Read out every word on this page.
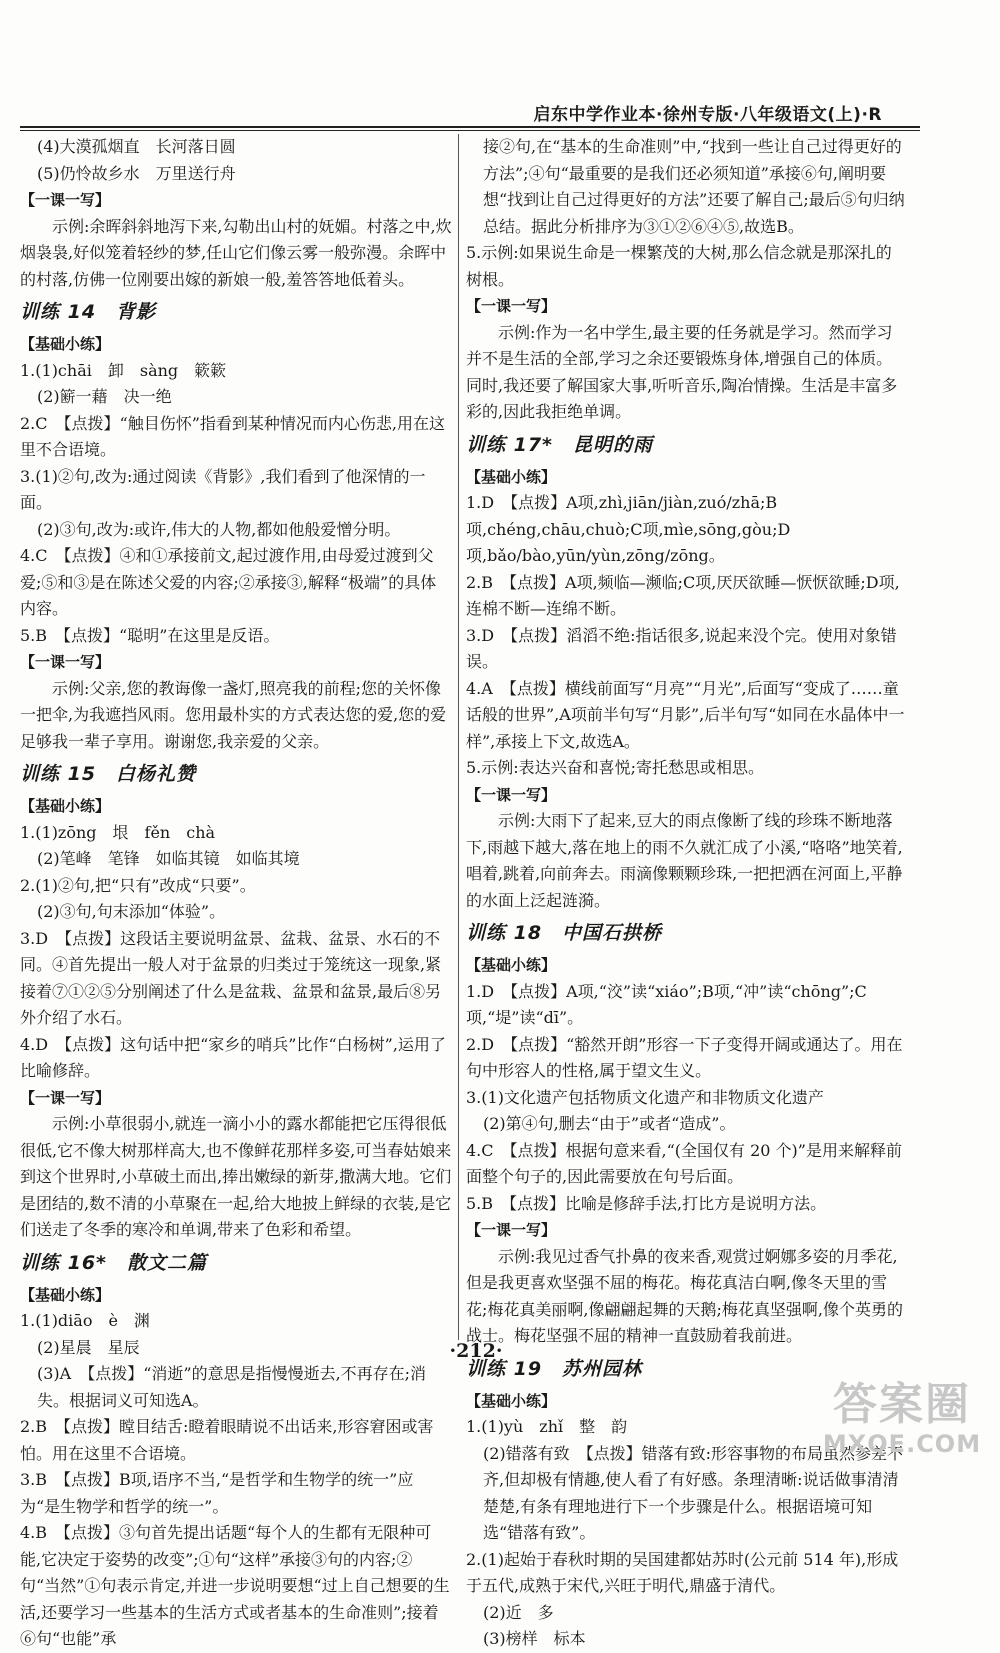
启东中学作业本·徐州专版·八年级语文(上)·R

(4)大漠孤烟直　长河落日圆

(5)仍怜故乡水　万里送行舟

【一课一写】

示例:余晖斜斜地泻下来,勾勒出山村的妩媚。村落之中,炊烟袅袅,好似笼着轻纱的梦,任山它们像云雾一般弥漫。余晖中的村落,仿佛一位刚要出嫁的新娘一般,羞答答地低着头。

训练 14　背影

【基础小练】

1.(1)chāi　卸　sàng　簌簌

(2)簖一藉　决一绝

2.C　【点拨】“触目伤怀”指看到某种情况而内心伤悲,用在这里不合语境。

3.(1)②句,改为:通过阅读《背影》,我们看到了他深情的一面。

(2)③句,改为:或许,伟大的人物,都如他般爱憎分明。

4.C　【点拨】④和①承接前文,起过渡作用,由母爱过渡到父爱;⑤和③是在陈述父爱的内容;②承接③,解释“极端”的具体内容。

5.B　【点拨】“聪明”在这里是反语。

【一课一写】

示例:父亲,您的教诲像一盏灯,照亮我的前程;您的关怀像一把伞,为我遮挡风雨。您用最朴实的方式表达您的爱,您的爱足够我一辈子享用。谢谢您,我亲爱的父亲。

训练 15　白杨礼赞

【基础小练】

1.(1)zōng　垠　fěn　chà

(2)笔峰　笔锋　如临其镜　如临其境

2.(1)②句,把“只有”改成“只要”。

(2)③句,句末添加“体验”。

3.D　【点拨】这段话主要说明盆景、盆栽、盆景、水石的不同。④首先提出一般人对于盆景的归类过于笼统这一现象,紧接着⑦①②⑤分别阐述了什么是盆栽、盆景和盆景,最后⑧另外介绍了水石。

4.D　【点拨】这句话中把“家乡的哨兵”比作“白杨树”,运用了比喻修辞。

【一课一写】

示例:小草很弱小,就连一滴小小的露水都能把它压得很低很低,它不像大树那样高大,也不像鲜花那样多姿,可当春姑娘来到这个世界时,小草破土而出,捧出嫩绿的新芽,撒满大地。它们是团结的,数不清的小草聚在一起,给大地披上鲜绿的衣装,是它们送走了冬季的寒冷和单调,带来了色彩和希望。

训练 16*　散文二篇

【基础小练】

1.(1)diāo　è　渊

(2)星晨　星辰

(3)A　【点拨】“消逝”的意思是指慢慢逝去,不再存在;消失。根据词义可知选A。

2.B　【点拨】瞠目结舌:瞪着眼睛说不出话来,形容窘困或害怕。用在这里不合语境。

3.B　【点拨】B项,语序不当,“是哲学和生物学的统一”应为“是生物学和哲学的统一”。

4.B　【点拨】③句首先提出话题“每个人的生都有无限种可能,它决定于姿势的改变”;①句“这样”承接③句的内容;②句“当然”①句表示肯定,并进一步说明要想“过上自己想要的生活,还要学习一些基本的生活方式或者基本的生命准则”;接着⑥句“也能”承

接②句,在“基本的生命准则”中,“找到一些让自己过得更好的方法”;④句“最重要的是我们还必须知道”承接⑥句,阐明要想“找到让自己过得更好的方法”还要了解自己;最后⑤句归纳总结。据此分析排序为③①②⑥④⑤,故选B。

5.示例:如果说生命是一棵繁茂的大树,那么信念就是那深扎的树根。

【一课一写】

示例:作为一名中学生,最主要的任务就是学习。然而学习并不是生活的全部,学习之余还要锻炼身体,增强自己的体质。同时,我还要了解国家大事,听听音乐,陶冶情操。生活是丰富多彩的,因此我拒绝单调。

训练 17*　昆明的雨

【基础小练】

1.D　【点拨】A项,zhì,jiān/jiàn,zuó/zhā;B项,chéng,chāu,chuò;C项,mìe,sōng,gòu;D项,bǎo/bào,yūn/yùn,zōng/zōng。

2.B　【点拨】A项,频临—濒临;C项,厌厌欲睡—恹恹欲睡;D项,连棉不断—连绵不断。

3.D　【点拨】滔滔不绝:指话很多,说起来没个完。使用对象错误。

4.A　【点拨】横线前面写“月亮”“月光”,后面写“变成了……童话般的世界”,A项前半句写“月影”,后半句写“如同在水晶体中一样”,承接上下文,故选A。

5.示例:表达兴奋和喜悦;寄托愁思或相思。

【一课一写】

示例:大雨下了起来,豆大的雨点像断了线的珍珠不断地落下,雨越下越大,落在地上的雨不久就汇成了小溪,“咯咯”地笑着,唱着,跳着,向前奔去。雨滴像颗颗珍珠,一把把洒在河面上,平静的水面上泛起涟漪。

训练 18　中国石拱桥

【基础小练】

1.D　【点拨】A项,“洨”读“xiáo”;B项,“冲”读“chōng”;C项,“堤”读“dī”。

2.D　【点拨】“豁然开朗”形容一下子变得开阔或通达了。用在句中形容人的性格,属于望文生义。

3.(1)文化遗产包括物质文化遗产和非物质文化遗产

(2)第④句,删去“由于”或者“造成”。

4.C　【点拨】根据句意来看,“(全国仅有 20 个)”是用来解释前面整个句子的,因此需要放在句号后面。

5.B　【点拨】比喻是修辞手法,打比方是说明方法。

【一课一写】

示例:我见过香气扑鼻的夜来香,观赏过婀娜多姿的月季花,但是我更喜欢坚强不屈的梅花。梅花真洁白啊,像冬天里的雪花;梅花真美丽啊,像翩翩起舞的天鹅;梅花真坚强啊,像个英勇的战士。梅花坚强不屈的精神一直鼓励着我前进。

训练 19　苏州园林

【基础小练】

1.(1)yù　zhǐ　整　韵

(2)错落有致　【点拨】错落有致:形容事物的布局虽然参差不齐,但却极有情趣,使人看了有好感。条理清晰:说话做事清清楚楚,有条有理地进行下一个步骤是什么。根据语境可知选“错落有致”。

2.(1)起始于春秋时期的吴国建都姑苏时(公元前 514 年),形成于五代,成熟于宋代,兴旺于明代,鼎盛于清代。

(2)近　多

(3)榜样　标本

·212·
答案圈
MXQE.COM
